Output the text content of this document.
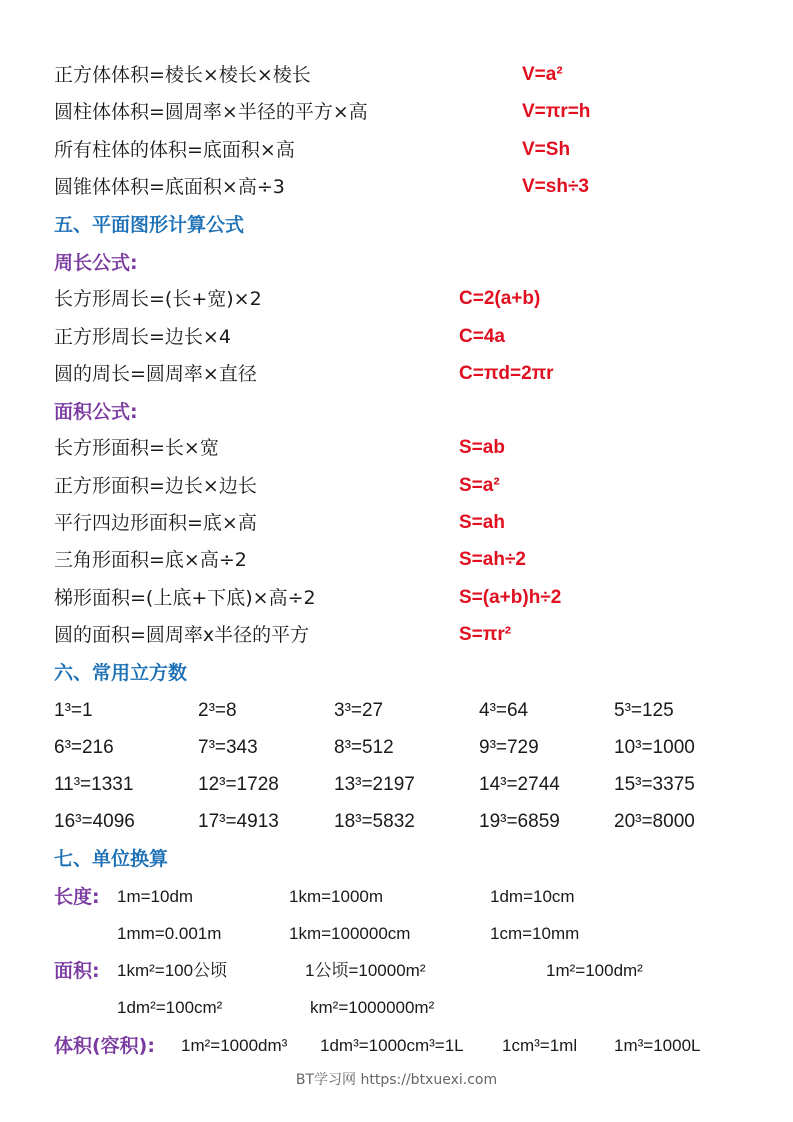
正方体体积=棱长×棱长×棱长	V=a²
圆柱体体积=圆周率×半径的平方×高	V=πr=h
所有柱体的体积=底面积×高	V=Sh
圆锥体体积=底面积×高÷3	V=sh÷3
五、平面图形计算公式
周长公式:
长方形周长=(长+宽)×2	C=2(a+b)
正方形周长=边长×4	C=4a
圆的周长=圆周率×直径	C=πd=2πr
面积公式:
长方形面积=长×宽	S=ab
正方形面积=边长×边长	S=a²
平行四边形面积=底×高	S=ah
三角形面积=底×高÷2	S=ah÷2
梯形面积=(上底+下底)×高÷2	S=(a+b)h÷2
圆的面积=圆周率x半径的平方	S=πr²
六、常用立方数
1³=1	2³=8	3³=27	4³=64	5³=125
6³=216	7³=343	8³=512	9³=729	10³=1000
11³=1331	12³=1728	13³=2197	14³=2744	15³=3375
16³=4096	17³=4913	18³=5832	19³=6859	20³=8000
七、单位换算
长度: 1m=10dm	1km=1000m	1dm=10cm
1mm=0.001m	1km=100000cm	1cm=10mm
面积: 1km²=100公顷	1公顷=10000m²	1m²=100dm²
1dm²=100cm²	km²=1000000m²
体积(容积): 1m²=1000dm³ 1dm³=1000cm³=1L 1cm³=1ml 1m³=1000L
BT学习网 https://btxuexi.com
